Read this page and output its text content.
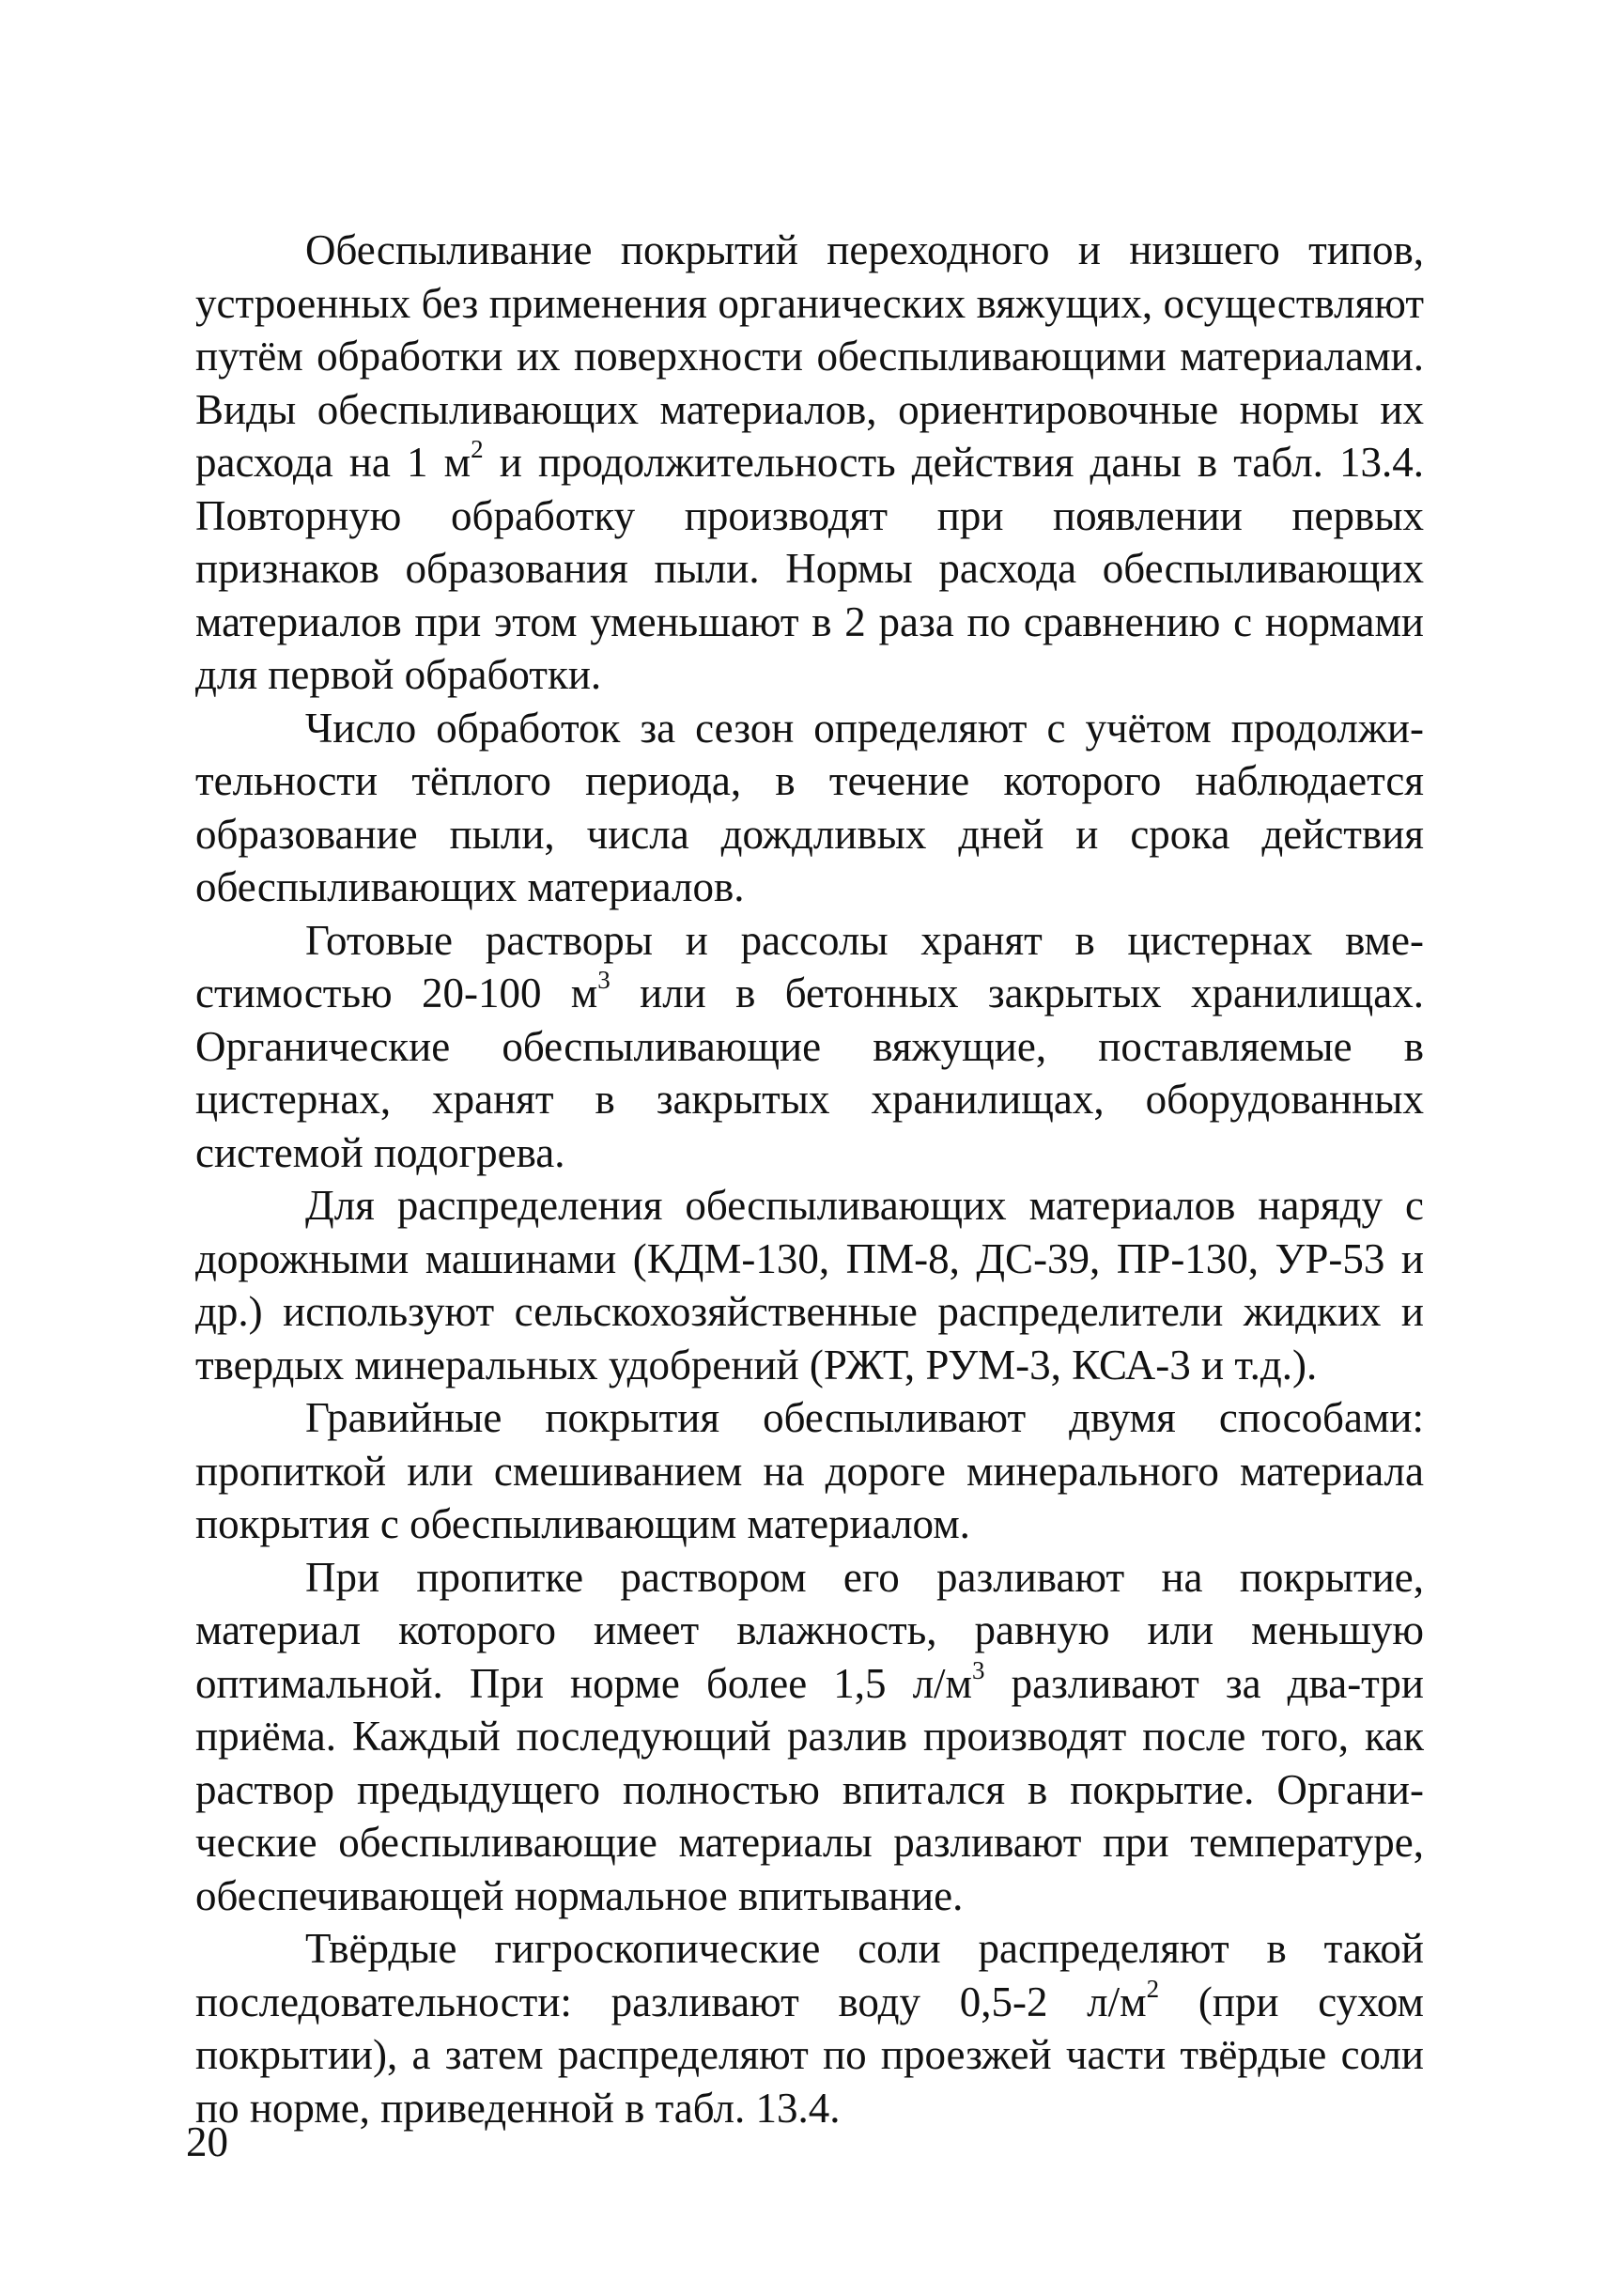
Обеспыливание покрытий переходного и низшего типов, устроенных без применения органических вяжущих, осуществляют путём обработки их поверхности обеспыливающими материалами. Виды обеспыливающих материалов, ориентировочные нормы их расхода на 1 $м^2$ и продолжительность действия даны в табл. 13.4. Повторную обработку производят при появлении первых признаков образования пыли. Нормы расхода обеспыливающих материалов при этом уменьшают в 2 раза по сравнению с нормами для первой обработки.

Число обработок за сезон определяют с учётом продолжительности тёплого периода, в течение которого наблюдается образование пыли, числа дождливых дней и срока действия обеспыливающих материалов.

Готовые растворы и рассолы хранят в цистернах вместимостью 20-100 $м^3$ или в бетонных закрытых хранилищах. Органические обеспыливающие вяжущие, поставляемые в цистернах, хранят в закрытых хранилищах, оборудованных системой подогрева.

Для распределения обеспыливающих материалов наряду с дорожными машинами (КДМ-130, ПМ-8, ДС-39, ПР-130, УР-53 и др.) используют сельскохозяйственные распределители жидких и твердых минеральных удобрений (РЖТ, РУМ-3, КСА-3 и т.д.).

Гравийные покрытия обеспыливают двумя способами: пропиткой или смешиванием на дороге минерального материала покрытия с обеспыливающим материалом.

При пропитке раствором его разливают на покрытие, материал которого имеет влажность, равную или меньшую оптимальной. При норме более 1,5 $л/м^3$ разливают за два-три приёма. Каждый последующий разлив производят после того, как раствор предыдущего полностью впитался в покрытие. Органические обеспыливающие материалы разливают при температуре, обеспечивающей нормальное впитывание.

Твёрдые гигроскопические соли распределяют в такой последовательности: разливают воду 0,5-2 $л/м^2$ (при сухом покрытии), а затем распределяют по проезжей части твёрдые соли по норме, приведенной в табл. 13.4.

20
